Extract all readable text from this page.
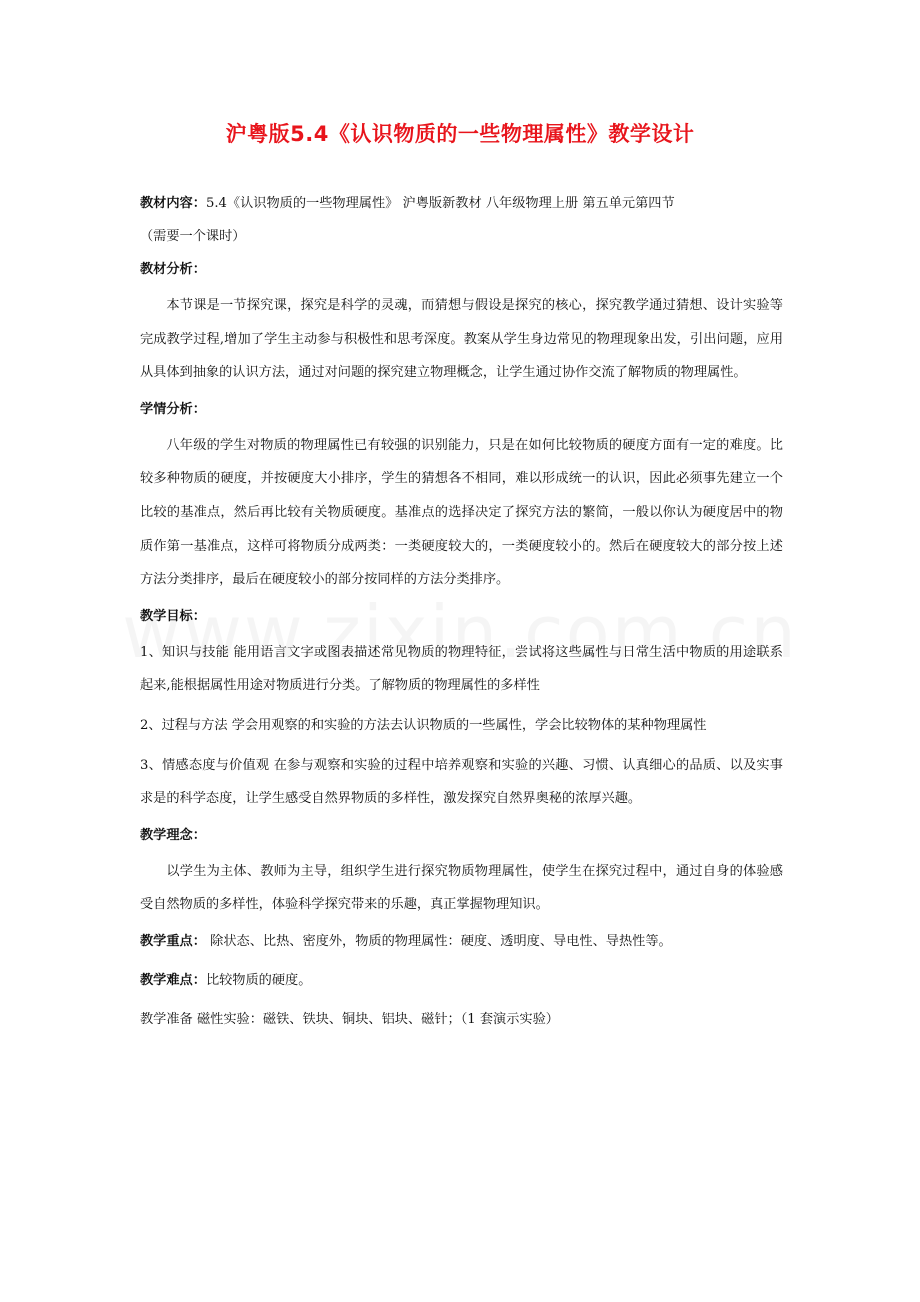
沪粤版5.4《认识物质的一些物理属性》教学设计
教材内容：5.4《认识物质的一些物理属性》 沪粤版新教材 八年级物理上册 第五单元第四节
（需要一个课时）
教材分析：

本节课是一节探究课，探究是科学的灵魂，而猜想与假设是探究的核心，探究教学通过猜想、设计实验等完成教学过程,增加了学生主动参与积极性和思考深度。教案从学生身边常见的物理现象出发，引出问题，应用从具体到抽象的认识方法，通过对问题的探究建立物理概念，让学生通过协作交流了解物质的物理属性。

学情分析：

八年级的学生对物质的物理属性已有较强的识别能力，只是在如何比较物质的硬度方面有一定的难度。比较多种物质的硬度，并按硬度大小排序，学生的猜想各不相同，难以形成统一的认识，因此必须事先建立一个比较的基准点，然后再比较有关物质硬度。基准点的选择决定了探究方法的繁简，一般以你认为硬度居中的物质作第一基准点，这样可将物质分成两类：一类硬度较大的，一类硬度较小的。然后在硬度较大的部分按上述方法分类排序，最后在硬度较小的部分按同样的方法分类排序。

教学目标：

1、知识与技能 能用语言文字或图表描述常见物质的物理特征，尝试将这些属性与日常生活中物质的用途联系起来,能根据属性用途对物质进行分类。了解物质的物理属性的多样性

2、过程与方法 学会用观察的和实验的方法去认识物质的一些属性，学会比较物体的某种物理属性

3、情感态度与价值观 在参与观察和实验的过程中培养观察和实验的兴趣、习惯、认真细心的品质、以及实事求是的科学态度，让学生感受自然界物质的多样性，激发探究自然界奥秘的浓厚兴趣。

教学理念：

以学生为主体、教师为主导，组织学生进行探究物质物理属性，使学生在探究过程中，通过自身的体验感受自然物质的多样性，体验科学探究带来的乐趣，真正掌握物理知识。

教学重点： 除状态、比热、密度外，物质的物理属性：硬度、透明度、导电性、导热性等。
教学难点：比较物质的硬度。
教学准备 磁性实验：磁铁、铁块、铜块、铝块、磁针；（1 套演示实验）
